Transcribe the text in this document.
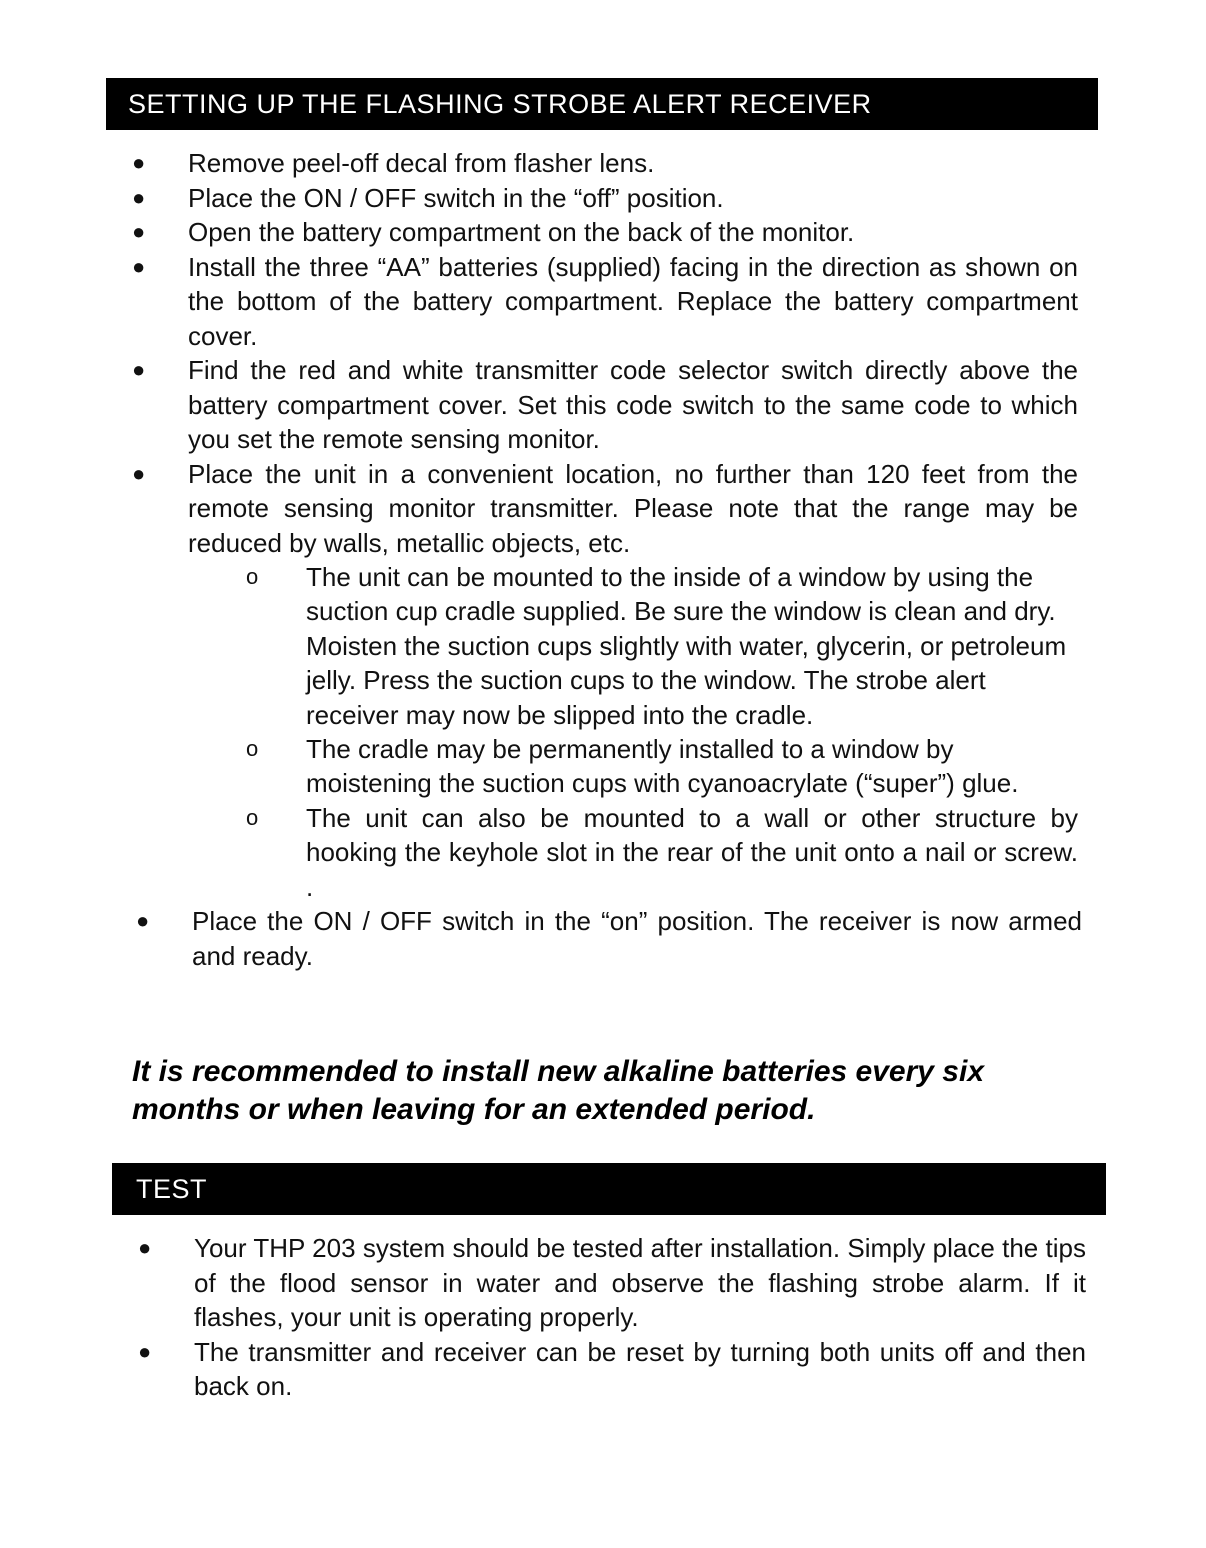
SETTING UP THE FLASHING STROBE ALERT RECEIVER
● Remove peel-off decal from flasher lens.
● Place the ON / OFF switch in the “off” position.
● Open the battery compartment on the back of the monitor.
● Install the three “AA” batteries (supplied) facing in the direction as shown on the bottom of the battery compartment. Replace the battery compartment cover.
● Find the red and white transmitter code selector switch directly above the battery compartment cover. Set this code switch to the same code to which you set the remote sensing monitor.
● Place the unit in a convenient location, no further than 120 feet from the remote sensing monitor transmitter. Please note that the range may be reduced by walls, metallic objects, etc.
o The unit can be mounted to the inside of a window by using the suction cup cradle supplied. Be sure the window is clean and dry. Moisten the suction cups slightly with water, glycerin, or petroleum jelly. Press the suction cups to the window. The strobe alert receiver may now be slipped into the cradle.
o The cradle may be permanently installed to a window by moistening the suction cups with cyanoacrylate (“super”) glue.
o The unit can also be mounted to a wall or other structure by hooking the keyhole slot in the rear of the unit onto a nail or screw. .
● Place the ON / OFF switch in the “on” position. The receiver is now armed and ready.
It is recommended to install new alkaline batteries every six months or when leaving for an extended period.
TEST
● Your THP 203 system should be tested after installation. Simply place the tips of the flood sensor in water and observe the flashing strobe alarm. If it flashes, your unit is operating properly.
● The transmitter and receiver can be reset by turning both units off and then back on.
